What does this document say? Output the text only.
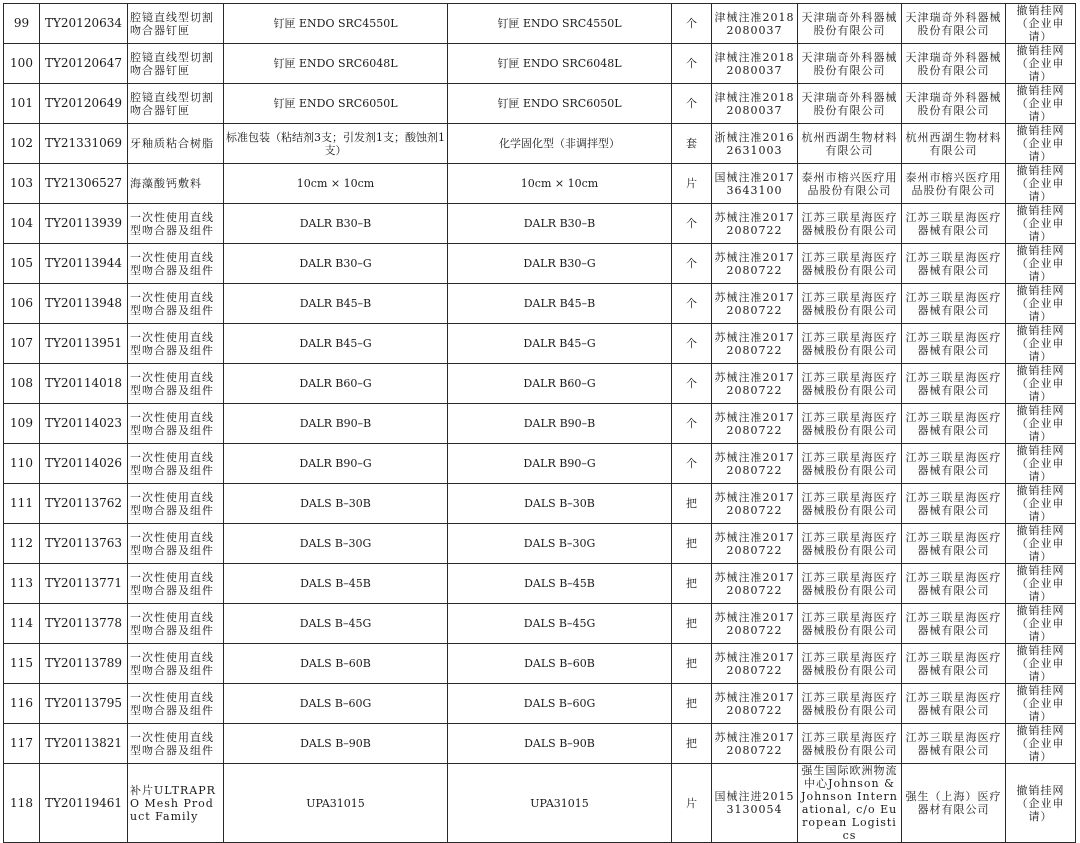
99	TY20120634	腔镜直线型切割吻合器钉匣	钉匣 ENDO SRC4550L	钉匣 ENDO SRC4550L	个	津械注准20182080037	天津瑞奇外科器械股份有限公司	天津瑞奇外科器械股份有限公司	撤销挂网（企业申请）
100	TY20120647	腔镜直线型切割吻合器钉匣	钉匣 ENDO SRC6048L	钉匣 ENDO SRC6048L	个	津械注准20182080037	天津瑞奇外科器械股份有限公司	天津瑞奇外科器械股份有限公司	撤销挂网（企业申请）
101	TY20120649	腔镜直线型切割吻合器钉匣	钉匣 ENDO SRC6050L	钉匣 ENDO SRC6050L	个	津械注准20182080037	天津瑞奇外科器械股份有限公司	天津瑞奇外科器械股份有限公司	撤销挂网（企业申请）
102	TY21331069	牙釉质粘合树脂	标准包装（粘结剂3支；引发剂1支；酸蚀剂1支）	化学固化型（非调拌型）	套	浙械注准20162631003	杭州西湖生物材料有限公司	杭州西湖生物材料有限公司	撤销挂网（企业申请）
103	TY21306527	海藻酸钙敷料	10cm × 10cm	10cm × 10cm	片	国械注准20173643100	泰州市榕兴医疗用品股份有限公司	泰州市榕兴医疗用品股份有限公司	撤销挂网（企业申请）
104	TY20113939	一次性使用直线型吻合器及组件	DALR B30–B	DALR B30–B	个	苏械注准20172080722	江苏三联星海医疗器械股份有限公司	江苏三联星海医疗器械有限公司	撤销挂网（企业申请）
105	TY20113944	一次性使用直线型吻合器及组件	DALR B30–G	DALR B30–G	个	苏械注准20172080722	江苏三联星海医疗器械股份有限公司	江苏三联星海医疗器械有限公司	撤销挂网（企业申请）
106	TY20113948	一次性使用直线型吻合器及组件	DALR B45–B	DALR B45–B	个	苏械注准20172080722	江苏三联星海医疗器械股份有限公司	江苏三联星海医疗器械有限公司	撤销挂网（企业申请）
107	TY20113951	一次性使用直线型吻合器及组件	DALR B45–G	DALR B45–G	个	苏械注准20172080722	江苏三联星海医疗器械股份有限公司	江苏三联星海医疗器械有限公司	撤销挂网（企业申请）
108	TY20114018	一次性使用直线型吻合器及组件	DALR B60–G	DALR B60–G	个	苏械注准20172080722	江苏三联星海医疗器械股份有限公司	江苏三联星海医疗器械有限公司	撤销挂网（企业申请）
109	TY20114023	一次性使用直线型吻合器及组件	DALR B90–B	DALR B90–B	个	苏械注准20172080722	江苏三联星海医疗器械股份有限公司	江苏三联星海医疗器械有限公司	撤销挂网（企业申请）
110	TY20114026	一次性使用直线型吻合器及组件	DALR B90–G	DALR B90–G	个	苏械注准20172080722	江苏三联星海医疗器械股份有限公司	江苏三联星海医疗器械有限公司	撤销挂网（企业申请）
111	TY20113762	一次性使用直线型吻合器及组件	DALS B–30B	DALS B–30B	把	苏械注准20172080722	江苏三联星海医疗器械股份有限公司	江苏三联星海医疗器械有限公司	撤销挂网（企业申请）
112	TY20113763	一次性使用直线型吻合器及组件	DALS B–30G	DALS B–30G	把	苏械注准20172080722	江苏三联星海医疗器械股份有限公司	江苏三联星海医疗器械有限公司	撤销挂网（企业申请）
113	TY20113771	一次性使用直线型吻合器及组件	DALS B–45B	DALS B–45B	把	苏械注准20172080722	江苏三联星海医疗器械股份有限公司	江苏三联星海医疗器械有限公司	撤销挂网（企业申请）
114	TY20113778	一次性使用直线型吻合器及组件	DALS B–45G	DALS B–45G	把	苏械注准20172080722	江苏三联星海医疗器械股份有限公司	江苏三联星海医疗器械有限公司	撤销挂网（企业申请）
115	TY20113789	一次性使用直线型吻合器及组件	DALS B–60B	DALS B–60B	把	苏械注准20172080722	江苏三联星海医疗器械股份有限公司	江苏三联星海医疗器械有限公司	撤销挂网（企业申请）
116	TY20113795	一次性使用直线型吻合器及组件	DALS B–60G	DALS B–60G	把	苏械注准20172080722	江苏三联星海医疗器械股份有限公司	江苏三联星海医疗器械有限公司	撤销挂网（企业申请）
117	TY20113821	一次性使用直线型吻合器及组件	DALS B–90B	DALS B–90B	把	苏械注准20172080722	江苏三联星海医疗器械股份有限公司	江苏三联星海医疗器械有限公司	撤销挂网（企业申请）
118	TY20119461	补片ULTRAPRO Mesh Product Family	UPA31015	UPA31015	片	国械注进20153130054	强生国际欧洲物流中心Johnson & Johnson International, c/o European Logistics	强生（上海）医疗器材有限公司	撤销挂网（企业申请）
